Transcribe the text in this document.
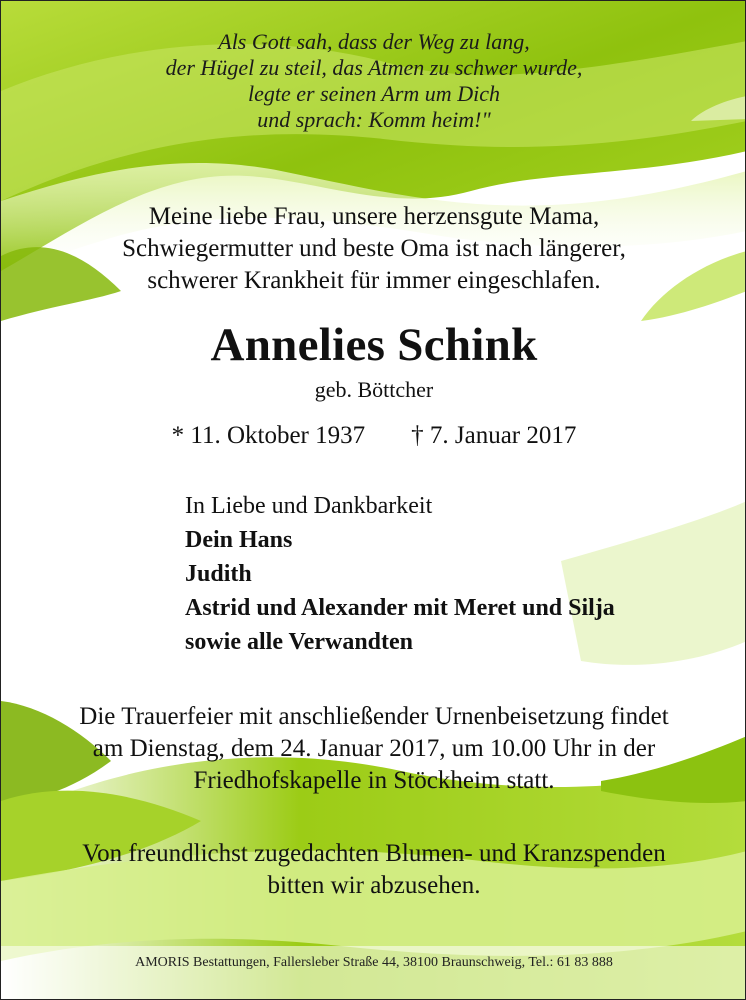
Als Gott sah, dass der Weg zu lang,
der Hügel zu steil, das Atmen zu schwer wurde,
legte er seinen Arm um Dich
und sprach: Komm heim!"
Meine liebe Frau, unsere herzensgute Mama,
Schwiegermutter und beste Oma ist nach längerer,
schwerer Krankheit für immer eingeschlafen.
Annelies Schink
geb. Böttcher
* 11. Oktober 1937 † 7. Januar 2017
In Liebe und Dankbarkeit
Dein Hans
Judith
Astrid und Alexander mit Meret und Silja
sowie alle Verwandten
Die Trauerfeier mit anschließender Urnenbeisetzung findet
am Dienstag, dem 24. Januar 2017, um 10.00 Uhr in der
Friedhofskapelle in Stöckheim statt.
Von freundlichst zugedachten Blumen- und Kranzspenden
bitten wir abzusehen.
AMORIS Bestattungen, Fallersleber Straße 44, 38100 Braunschweig, Tel.: 61 83 888
